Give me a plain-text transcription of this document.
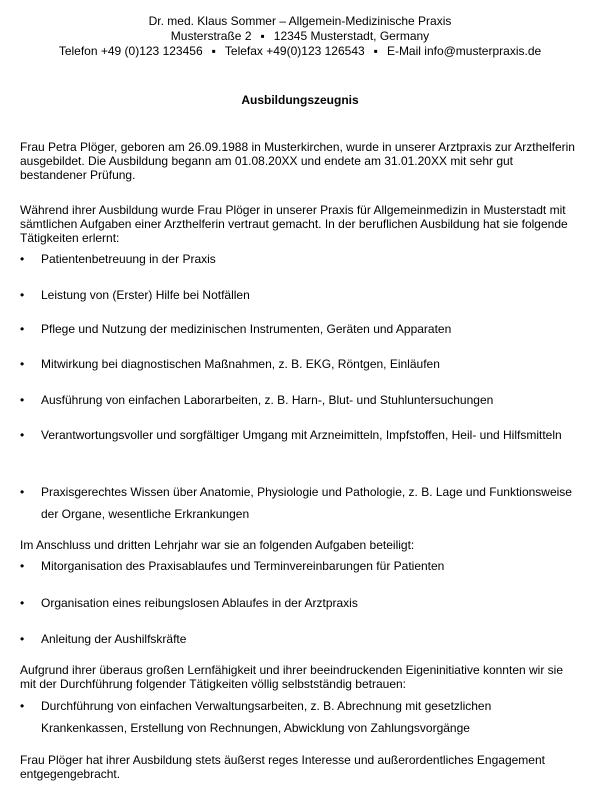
Dr. med. Klaus Sommer – Allgemein-Medizinische Praxis
Musterstraße 2 ▪ 12345 Musterstadt, Germany
Telefon +49 (0)123 123456 ▪ Telefax +49(0)123 126543 ▪ E-Mail info@musterpraxis.de
Ausbildungszeugnis
Frau Petra Plöger, geboren am 26.09.1988 in Musterkirchen, wurde in unserer Arztpraxis zur Arzthelferin ausgebildet. Die Ausbildung begann am 01.08.20XX und endete am 31.01.20XX mit sehr gut bestandener Prüfung.
Während ihrer Ausbildung wurde Frau Plöger in unserer Praxis für Allgemeinmedizin in Musterstadt mit sämtlichen Aufgaben einer Arzthelferin vertraut gemacht. In der beruflichen Ausbildung hat sie folgende Tätigkeiten erlernt:
•	Patientenbetreuung in der Praxis
•	Leistung von (Erster) Hilfe bei Notfällen
•	Pflege und Nutzung der medizinischen Instrumenten, Geräten und Apparaten
•	Mitwirkung bei diagnostischen Maßnahmen, z. B. EKG, Röntgen, Einläufen
•	Ausführung von einfachen Laborarbeiten, z. B. Harn-, Blut- und Stuhluntersuchungen
•	Verantwortungsvoller und sorgfältiger Umgang mit Arzneimitteln, Impfstoffen, Heil- und Hilfsmitteln
•	Praxisgerechtes Wissen über Anatomie, Physiologie und Pathologie, z. B. Lage und Funktionsweise der Organe, wesentliche Erkrankungen
Im Anschluss und dritten Lehrjahr war sie an folgenden Aufgaben beteiligt:
•	Mitorganisation des Praxisablaufes und Terminvereinbarungen für Patienten
•	Organisation eines reibungslosen Ablaufes in der Arztpraxis
•	Anleitung der Aushilfskräfte
Aufgrund ihrer überaus großen Lernfähigkeit und ihrer beeindruckenden Eigeninitiative konnten wir sie mit der Durchführung folgender Tätigkeiten völlig selbstständig betrauen:
•	Durchführung von einfachen Verwaltungsarbeiten, z. B. Abrechnung mit gesetzlichen Krankenkassen, Erstellung von Rechnungen, Abwicklung von Zahlungsvorgänge
Frau Plöger hat ihrer Ausbildung stets äußerst reges Interesse und außerordentliches Engagement entgegengebracht.
